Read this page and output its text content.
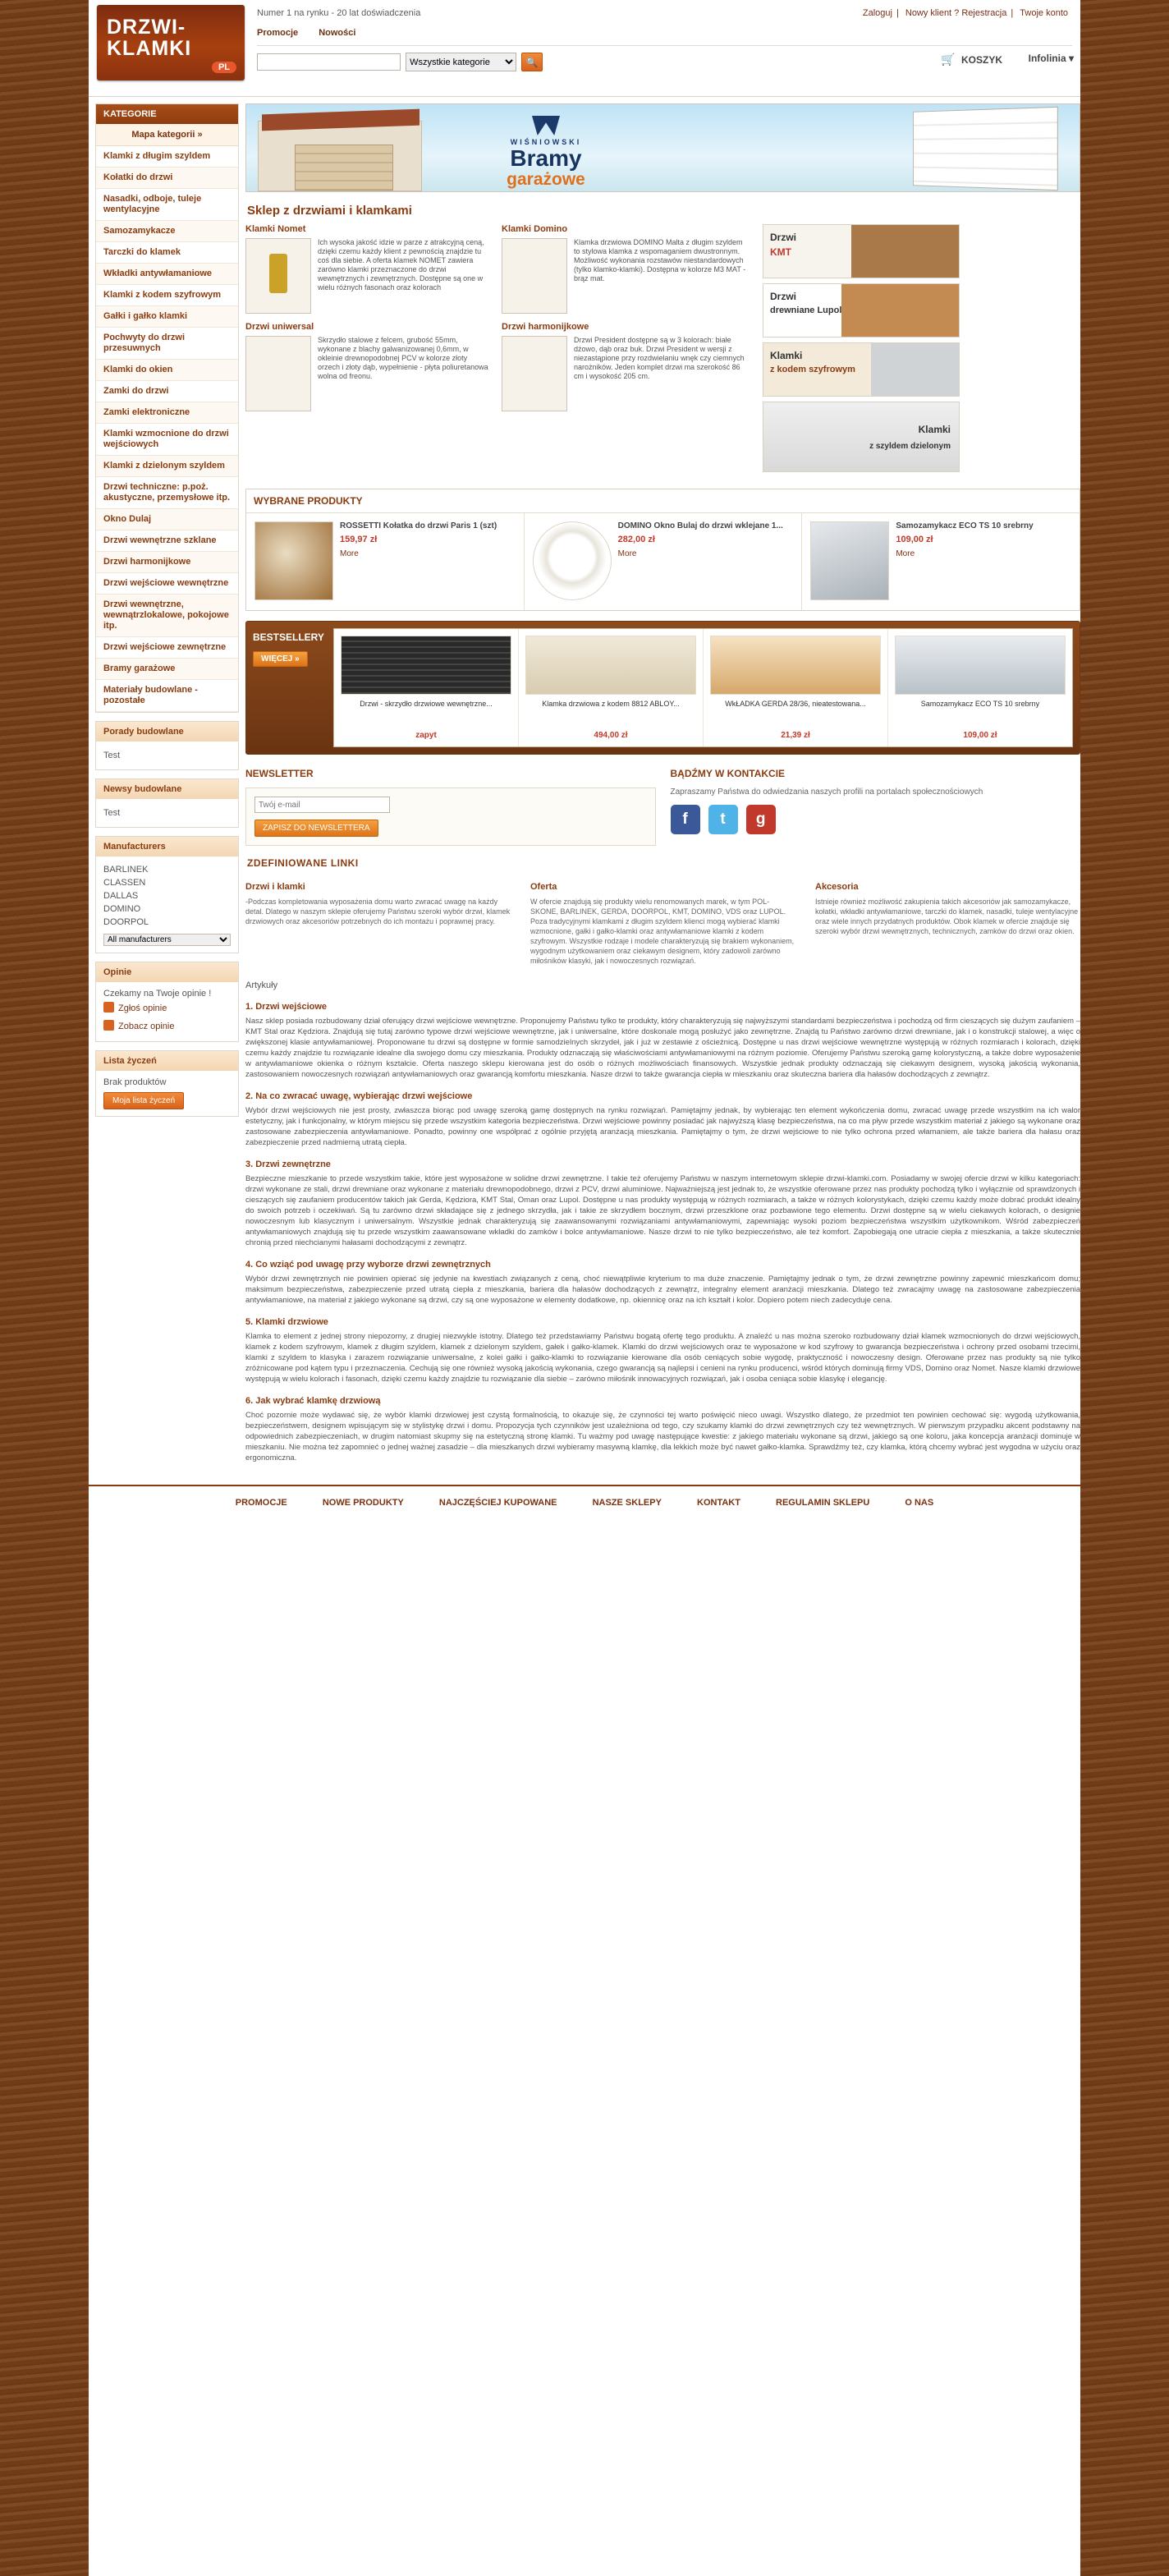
DRZWI-
KLAMKI
PL
Numer 1 na rynku - 20 lat doświadczenia	Zaloguj | Nowy klient ? Rejestracja | Twoje konto
Promocje Nowości

Wszystkie kategorie 🔍	🛒 KOSZYK	Infolinia ▾
KATEGORIE
Mapa kategorii »
Klamki z długim szyldem
Kołatki do drzwi
Nasadki, odboje, tuleje wentylacyjne
Samozamykacze
Tarczki do klamek
Wkładki antywłamaniowe
Klamki z kodem szyfrowym
Gałki i gałko klamki
Pochwyty do drzwi przesuwnych
Klamki do okien
Zamki do drzwi
Zamki elektroniczne
Klamki wzmocnione do drzwi wejściowych
Klamki z dzielonym szyldem
Drzwi techniczne: p.poż. akustyczne, przemysłowe itp.
Okno Dulaj
Drzwi wewnętrzne szklane
Drzwi harmonijkowe
Drzwi wejściowe wewnętrzne
Drzwi wewnętrzne, wewnątrzlokalowe, pokojowe itp.
Drzwi wejściowe zewnętrzne
Bramy garażowe
Materiały budowlane - pozostałe
Porady budowlane
Test
Newsy budowlane
Test
Manufacturers
BARLINEK
CLASSEN
DALLAS
DOMINO
DOORPOL
All manufacturers
Opinie
Czekamy na Twoje opinie !
Zgłoś opinie
Zobacz opinie
Lista życzeń
Brak produktów
Moja lista życzeń
WIŚNIOWSKI
Bramy
garażowe
Sklep z drzwiami i klamkami
Klamki Nomet

Ich wysoka jakość idzie w parze z atrakcyjną ceną, dzięki czemu każdy klient z pewnością znajdzie tu coś dla siebie. A oferta klamek NOMET zawiera zarówno klamki przeznaczone do drzwi wewnętrznych i zewnętrznych. Dostępne są one w wielu różnych fasonach oraz kolorach

Klamki Domino

Klamka drzwiowa DOMINO Malta z długim szyldem to stylowa klamka z wspomaganiem dwustronnym. Możliwość wykonania rozstawów niestandardowych (tylko klamko-klamki). Dostępna w kolorze M3 MAT - brąz mat.

Drzwi uniwersal

Skrzydło stalowe z felcem, grubość 55mm, wykonane z blachy galwanizowanej 0,6mm, w okleinie drewnopodobnej PCV w kolorze złoty orzech i złoty dąb, wypełnienie - płyta poliuretanowa wolna od freonu.

Drzwi harmonijkowe

Drzwi President dostępne są w 3 kolorach: białe dżowo, dąb oraz buk. Drzwi President w wersji z niezastąpione przy rozdwielaniu wnęk czy ciemnych narożników. Jeden komplet drzwi ma szerokość 86 cm i wysokość 205 cm.

Drzwi
KMT
Drzwi
drewniane Lupol
Klamki
z kodem szyfrowym
Klamki
z szyldem dzielonym
WYBRANE PRODUKTY
ROSSETTI Kołatka do drzwi Paris 1 (szt)
159,97 zł
More
DOMINO Okno Bulaj do drzwi wklejane 1...
282,00 zł
More
Samozamykacz ECO TS 10 srebrny
109,00 zł
More
BESTSELLERY WIĘCEJ »
Drzwi - skrzydło drzwiowe wewnętrzne...
zapyt
Klamka drzwiowa z kodem 8812 ABLOY...
494,00 zł
WkŁADKA GERDA 28/36, nieatestowana...
21,39 zł
Samozamykacz ECO TS 10 srebrny
109,00 zł
NEWSLETTER
Twój e-mail
ZAPISZ DO NEWSLETTERA
BĄDŹMY W KONTAKCIE

Zapraszamy Państwa do odwiedzania naszych profili na portalach społecznościowych

f t g
ZDEFINIOWANE LINKI
Drzwi i klamki

-Podczas kompletowania wyposażenia domu warto zwracać uwagę na każdy detal. Dlatego w naszym sklepie oferujemy Państwu szeroki wybór drzwi, klamek drzwiowych oraz akcesoriów potrzebnych do ich montażu i poprawnej pracy.

Oferta

W ofercie znajdują się produkty wielu renomowanych marek, w tym POL-SKONE, BARLINEK, GERDA, DOORPOL, KMT, DOMINO, VDS oraz LUPOL. Poza tradycyjnymi klamkami z długim szyldem klienci mogą wybierać klamki wzmocnione, gałki i gałko-klamki oraz antywłamaniowe klamki z kodem szyfrowym. Wszystkie rodzaje i modele charakteryzują się brakiem wykonaniem, wygodnym użytkowaniem oraz ciekawym designem, który zadowoli zarówno miłośników klasyki, jak i nowoczesnych rozwiązań.

Akcesoria

Istnieje również możliwość zakupienia takich akcesoriów jak samozamykacze, kołatki, wkładki antywłamaniowe, tarczki do klamek, nasadki, tuleje wentylacyjne oraz wiele innych przydatnych produktów. Obok klamek w ofercie znajduje się szeroki wybór drzwi wewnętrznych, technicznych, zamków do drzwi oraz okien.

Artykuły
1. Drzwi wejściowe

Nasz sklep posiada rozbudowany dział oferujący drzwi wejściowe wewnętrzne. Proponujemy Państwu tylko te produkty, który charakteryzują się najwyższymi standardami bezpieczeństwa i pochodzą od firm cieszących się dużym zaufaniem – KMT Stal oraz Kędziora. Znajdują się tutaj zarówno typowe drzwi wejściowe wewnętrzne, jak i uniwersalne, które doskonale mogą posłużyć jako zewnętrzne. Znajdą tu Państwo zarówno drzwi drewniane, jak i o konstrukcji stalowej, a więc o zwiększonej klasie antywłamaniowej. Proponowane tu drzwi są dostępne w formie samodzielnych skrzydeł, jak i już w zestawie z ościeżnicą. Dostępne u nas drzwi wejściowe wewnętrzne występują w różnych rozmiarach i kolorach, dzięki czemu każdy znajdzie tu rozwiązanie idealne dla swojego domu czy mieszkania. Produkty odznaczają się właściwościami antywłamaniowymi na różnym poziomie. Oferujemy Państwu szeroką gamę kolorystyczną, a także dobre wyposażenie w antywłamaniowe okienka o różnym kształcie. Oferta naszego sklepu kierowana jest do osób o różnych możliwościach finansowych. Wszystkie jednak produkty odznaczają się ciekawym designem, wysoką jakością wykonania, zastosowaniem nowoczesnych rozwiązań antywłamaniowych oraz gwarancją komfortu mieszkania. Nasze drzwi to także gwarancja ciepła w mieszkaniu oraz skuteczna bariera dla hałasów dochodzących z zewnątrz.

2. Na co zwracać uwagę, wybierając drzwi wejściowe

Wybór drzwi wejściowych nie jest prosty, zwłaszcza biorąc pod uwagę szeroką gamę dostępnych na rynku rozwiązań. Pamiętajmy jednak, by wybierając ten element wykończenia domu, zwracać uwagę przede wszystkim na ich walor estetyczny, jak i funkcjonalny, w którym miejscu się przede wszystkim kategoria bezpieczeństwa. Drzwi wejściowe powinny posiadać jak najwyższą klasę bezpieczeństwa, na co ma pływ przede wszystkim materiał z jakiego są wykonane oraz zastosowane zabezpieczenia antywłamaniowe. Ponadto, powinny one współprać z ogólnie przyjętą aranżacją mieszkania. Pamiętajmy o tym, że drzwi wejściowe to nie tylko ochrona przed włamaniem, ale także bariera dla hałasu oraz zabezpieczenie przed nadmierną utratą ciepła.

3. Drzwi zewnętrzne

Bezpieczne mieszkanie to przede wszystkim takie, które jest wyposażone w solidne drzwi zewnętrzne. I takie też oferujemy Państwu w naszym internetowym sklepie drzwi-klamki.com. Posiadamy w swojej ofercie drzwi w kilku kategoriach: drzwi wykonane ze stali, drzwi drewniane oraz wykonane z materiału drewnopodobnego, drzwi z PCV, drzwi aluminiowe. Najważniejszą jest jednak to, że wszystkie oferowane przez nas produkty pochodzą tylko i wyłącznie od sprawdzonych i cieszących się zaufaniem producentów takich jak Gerda, Kędziora, KMT Stal, Oman oraz Lupol. Dostępne u nas produkty występują w różnych rozmiarach, a także w różnych kolorystykach, dzięki czemu każdy może dobrać produkt idealny do swoich potrzeb i oczekiwań. Są tu zarówno drzwi składające się z jednego skrzydła, jak i takie ze skrzydłem bocznym, drzwi przeszklone oraz pozbawione tego elementu. Drzwi dostępne są w wielu ciekawych kolorach, o designie nowoczesnym lub klasycznym i uniwersalnym. Wszystkie jednak charakteryzują się zaawansowanymi rozwiązaniami antywłamaniowymi, zapewniając wysoki poziom bezpieczeństwa wszystkim użytkownikom. Wśród zabezpieczeń antywłamaniowych znajdują się tu przede wszystkim zaawansowane wkładki do zamków i bolce antywłamaniowe. Nasze drzwi to nie tylko bezpieczeństwo, ale też komfort. Zapobiegają one utracie ciepła z mieszkania, a także skutecznie chronią przed niechcianymi hałasami dochodzącymi z zewnątrz.

4. Co wziąć pod uwagę przy wyborze drzwi zewnętrznych

Wybór drzwi zewnętrznych nie powinien opierać się jedynie na kwestiach związanych z ceną, choć niewątpliwie kryterium to ma duże znaczenie. Pamiętajmy jednak o tym, że drzwi zewnętrzne powinny zapewnić mieszkańcom domu; maksimum bezpieczeństwa, zabezpieczenie przed utratą ciepła z mieszkania, bariera dla hałasów dochodzących z zewnątrz, integralny element aranżacji mieszkania. Dlatego też zwracajmy uwagę na zastosowane zabezpieczenia antywłamaniowe, na materiał z jakiego wykonane są drzwi, czy są one wyposażone w elementy dodatkowe, np. okiennicę oraz na ich kształt i kolor. Dopiero potem niech zadecyduje cena.

5. Klamki drzwiowe

Klamka to element z jednej strony niepozorny, z drugiej niezwykle istotny. Dlatego też przedstawiamy Państwu bogatą ofertę tego produktu. A znaleźć u nas można szeroko rozbudowany dział klamek wzmocnionych do drzwi wejściowych, klamek z kodem szyfrowym, klamek z długim szyldem, klamek z dzielonym szyldem, gałek i gałko-klamek. Klamki do drzwi wejściowych oraz te wyposażone w kod szyfrowy to gwarancja bezpieczeństwa i ochrony przed osobami trzecimi, klamki z szyldem to klasyka i zarazem rozwiązanie uniwersalne, z kolei gałki i gałko-klamki to rozwiązanie kierowane dla osób ceniących sobie wygodę, praktyczność i nowoczesny design. Oferowane przez nas produkty są nie tylko zróżnicowane pod kątem typu i przeznaczenia. Cechują się one również wysoką jakością wykonania, czego gwarancją są najlepsi i cenieni na rynku producenci, wśród których dominują firmy VDS, Domino oraz Nomet. Nasze klamki drzwiowe występują w wielu kolorach i fasonach, dzięki czemu każdy znajdzie tu rozwiązanie dla siebie – zarówno miłośnik innowacyjnych rozwiązań, jak i osoba ceniąca sobie klasykę i elegancję.

6. Jak wybrać klamkę drzwiową

Choć pozornie może wydawać się, że wybór klamki drzwiowej jest czystą formalnością, to okazuje się, że czynności tej warto poświęcić nieco uwagi. Wszystko dlatego, że przedmiot ten powinien cechować się: wygodą użytkowania, bezpieczeństwem, designem wpisującym się w stylistykę drzwi i domu. Propozycja tych czynników jest uzależniona od tego, czy szukamy klamki do drzwi zewnętrznych czy też wewnętrznych. W pierwszym przypadku akcent podstawny na odpowiednich zabezpieczeniach, w drugim natomiast skupmy się na estetyczną stronę klamki. Tu ważmy pod uwagę następujące kwestie: z jakiego materiału wykonane są drzwi, jakiego są one koloru, jaka koncepcja aranżacji dominuje w mieszkaniu. Nie można też zapomnieć o jednej ważnej zasadzie – dla mieszkanych drzwi wybieramy masywną klamkę, dla lekkich może być nawet gałko-klamka. Sprawdźmy też, czy klamka, którą chcemy wybrać jest wygodna w użyciu oraz ergonomiczna.

PROMOCJE	NOWE PRODUKTY	NAJCZĘŚCIEJ KUPOWANE	NASZE SKLEPY	KONTAKT	REGULAMIN SKLEPU	O NAS
